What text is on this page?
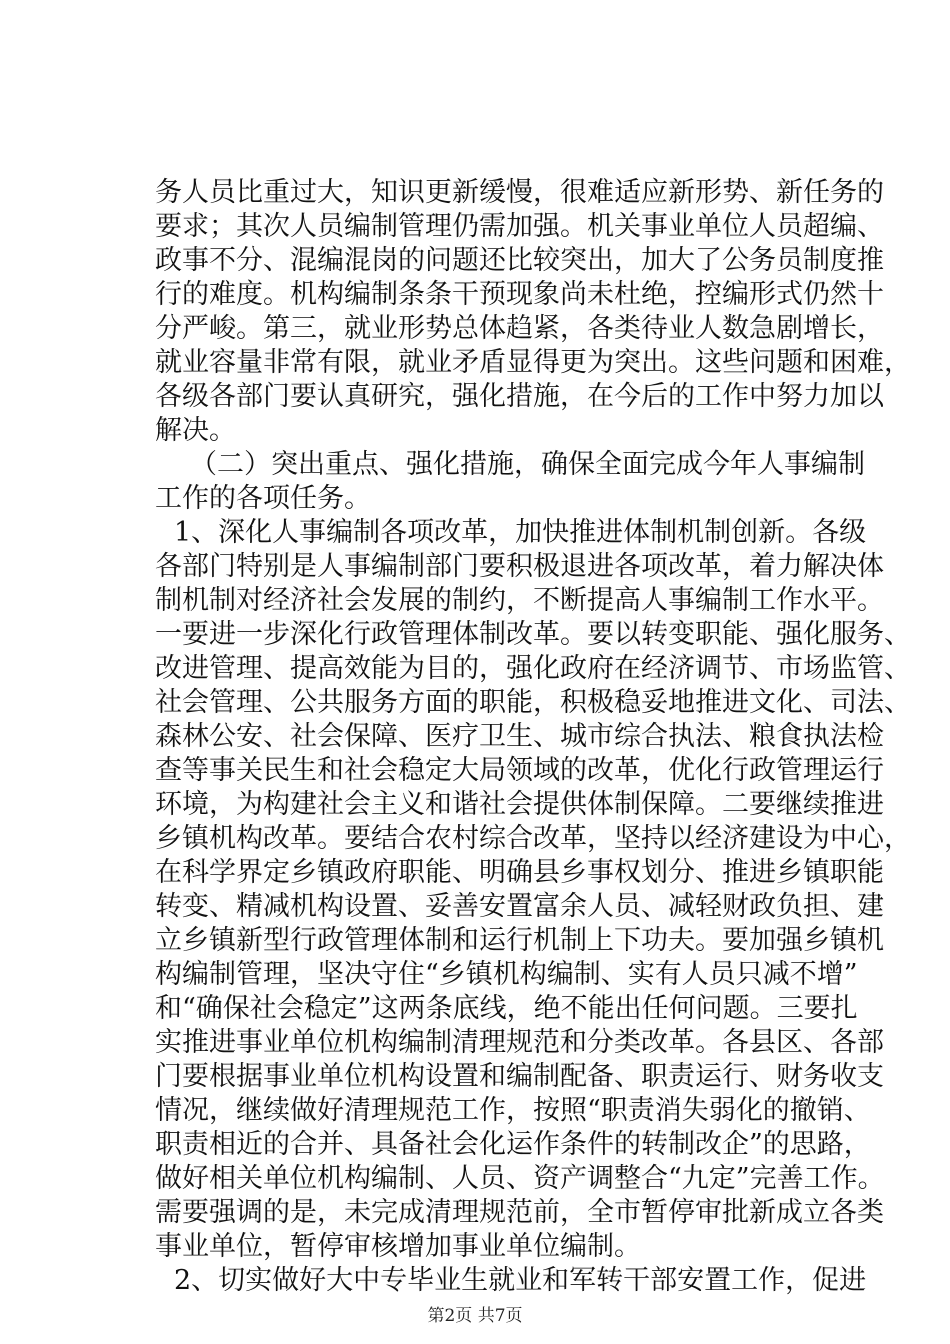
务人员比重过大，知识更新缓慢，很难适应新形势、新任务的
要求；其次人员编制管理仍需加强。机关事业单位人员超编、
政事不分、混编混岗的问题还比较突出，加大了公务员制度推
行的难度。机构编制条条干预现象尚未杜绝，控编形式仍然十
分严峻。第三，就业形势总体趋紧，各类待业人数急剧增长，
就业容量非常有限，就业矛盾显得更为突出。这些问题和困难，
各级各部门要认真研究，强化措施，在今后的工作中努力加以
解决。
（二）突出重点、强化措施，确保全面完成今年人事编制
工作的各项任务。
1、深化人事编制各项改革，加快推进体制机制创新。各级
各部门特别是人事编制部门要积极退进各项改革，着力解决体
制机制对经济社会发展的制约，不断提高人事编制工作水平。
一要进一步深化行政管理体制改革。要以转变职能、强化服务、
改进管理、提高效能为目的，强化政府在经济调节、市场监管、
社会管理、公共服务方面的职能，积极稳妥地推进文化、司法、
森林公安、社会保障、医疗卫生、城市综合执法、粮食执法检
查等事关民生和社会稳定大局领域的改革，优化行政管理运行
环境，为构建社会主义和谐社会提供体制保障。二要继续推进
乡镇机构改革。要结合农村综合改革，坚持以经济建设为中心，
在科学界定乡镇政府职能、明确县乡事权划分、推进乡镇职能
转变、精减机构设置、妥善安置富余人员、减轻财政负担、建
立乡镇新型行政管理体制和运行机制上下功夫。要加强乡镇机
构编制管理，坚决守住“乡镇机构编制、实有人员只减不增”
和“确保社会稳定”这两条底线，绝不能出任何问题。三要扎
实推进事业单位机构编制清理规范和分类改革。各县区、各部
门要根据事业单位机构设置和编制配备、职责运行、财务收支
情况，继续做好清理规范工作，按照“职责消失弱化的撤销、
职责相近的合并、具备社会化运作条件的转制改企”的思路，
做好相关单位机构编制、人员、资产调整合“九定”完善工作。
需要强调的是，未完成清理规范前，全市暂停审批新成立各类
事业单位，暂停审核增加事业单位编制。
2、切实做好大中专毕业生就业和军转干部安置工作，促进
第2页 共7页
